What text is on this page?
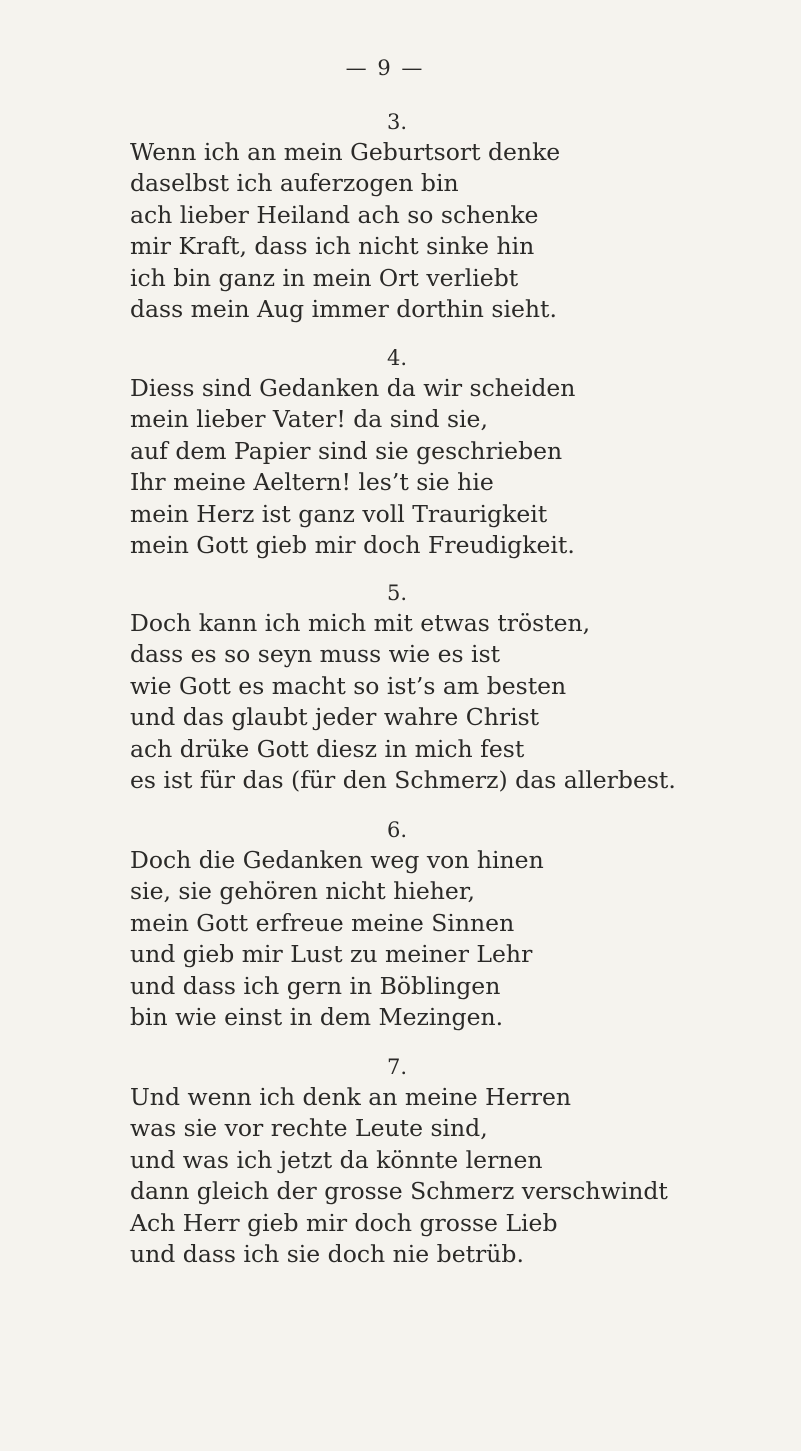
— 9 —
3.
Wenn ich an mein Geburtsort denke
daselbst ich auferzogen bin
ach lieber Heiland ach so schenke
mir Kraft, dass ich nicht sinke hin
ich bin ganz in mein Ort verliebt
dass mein Aug immer dorthin sieht.
4.
Diess sind Gedanken da wir scheiden
mein lieber Vater! da sind sie,
auf dem Papier sind sie geschrieben
Ihr meine Aeltern! les’t sie hie
mein Herz ist ganz voll Traurigkeit
mein Gott gieb mir doch Freudigkeit.
5.
Doch kann ich mich mit etwas trösten,
dass es so seyn muss wie es ist
wie Gott es macht so ist’s am besten
und das glaubt jeder wahre Christ
ach drüke Gott diesz in mich fest
es ist für das (für den Schmerz) das allerbest.
6.
Doch die Gedanken weg von hinen
sie, sie gehören nicht hieher,
mein Gott erfreue meine Sinnen
und gieb mir Lust zu meiner Lehr
und dass ich gern in Böblingen
bin wie einst in dem Mezingen.
7.
Und wenn ich denk an meine Herren
was sie vor rechte Leute sind,
und was ich jetzt da könnte lernen
dann gleich der grosse Schmerz verschwindt
Ach Herr gieb mir doch grosse Lieb
und dass ich sie doch nie betrüb.
